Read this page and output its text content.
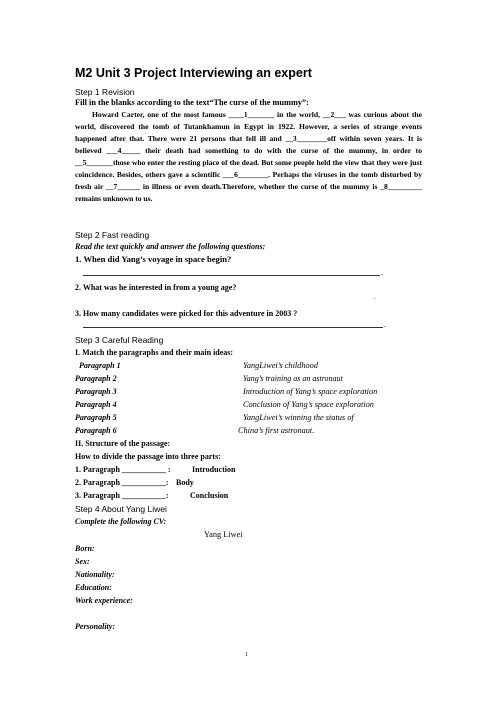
M2 Unit 3 Project Interviewing an expert
Step 1 Revision
Fill in the blanks according to the text“The curse of the mummy”:
Howard Carter, one of the most famous ____1_______ in the world, __2___ was curious about the world, discovered the tomb of Tutankhamun in Egypt in 1922. However, a series of strange events happened after that. There were 21 persons that fell ill and __3________off within seven years. It is believed ___4_____ their death had something to do with the curse of the mummy, in order to __5_______those who enter the resting place of the dead. But some people held the view that they were just coincidence. Besides, others gave a scientific ___6________. Perhaps the viruses in the tomb disturbed by fresh air __7______ in illness or even death.Therefore, whether the curse of the mummy is _8_________ remains unknown to us.
Step 2 Fast reading
Read the text quickly and answer the following questions:
1. When did Yang’s voyage in space begin?
.
2. What was he interested in from a young age?
.
3. How many candidates were picked for this adventure in 2003 ?
.
Step 3 Careful Reading
I. Match the paragraphs and their main ideas:
Paragraph 1
Paragraph 2
Paragraph 3
Paragraph 4
Paragraph 5
Paragraph 6
YangLiwei’s childhood
Yang’s training as an astronaut
Introduction of Yang’s space exploration
Conclusion of Yang’s space exploration
YangLiwei’s winning the status of
China’s first astronaut.
II. Structure of the passage:
How to divide the passage into three parts:
1. Paragraph ___________ :	Introduction
2. Paragraph ___________: Body
3. Paragraph ___________:	Conclusion
Step 4 About Yang Liwei
Complete the following CV:
Yang Liwei
Born:
Sex:
Nationality:
Education:
Work experience:
Personality:
1
